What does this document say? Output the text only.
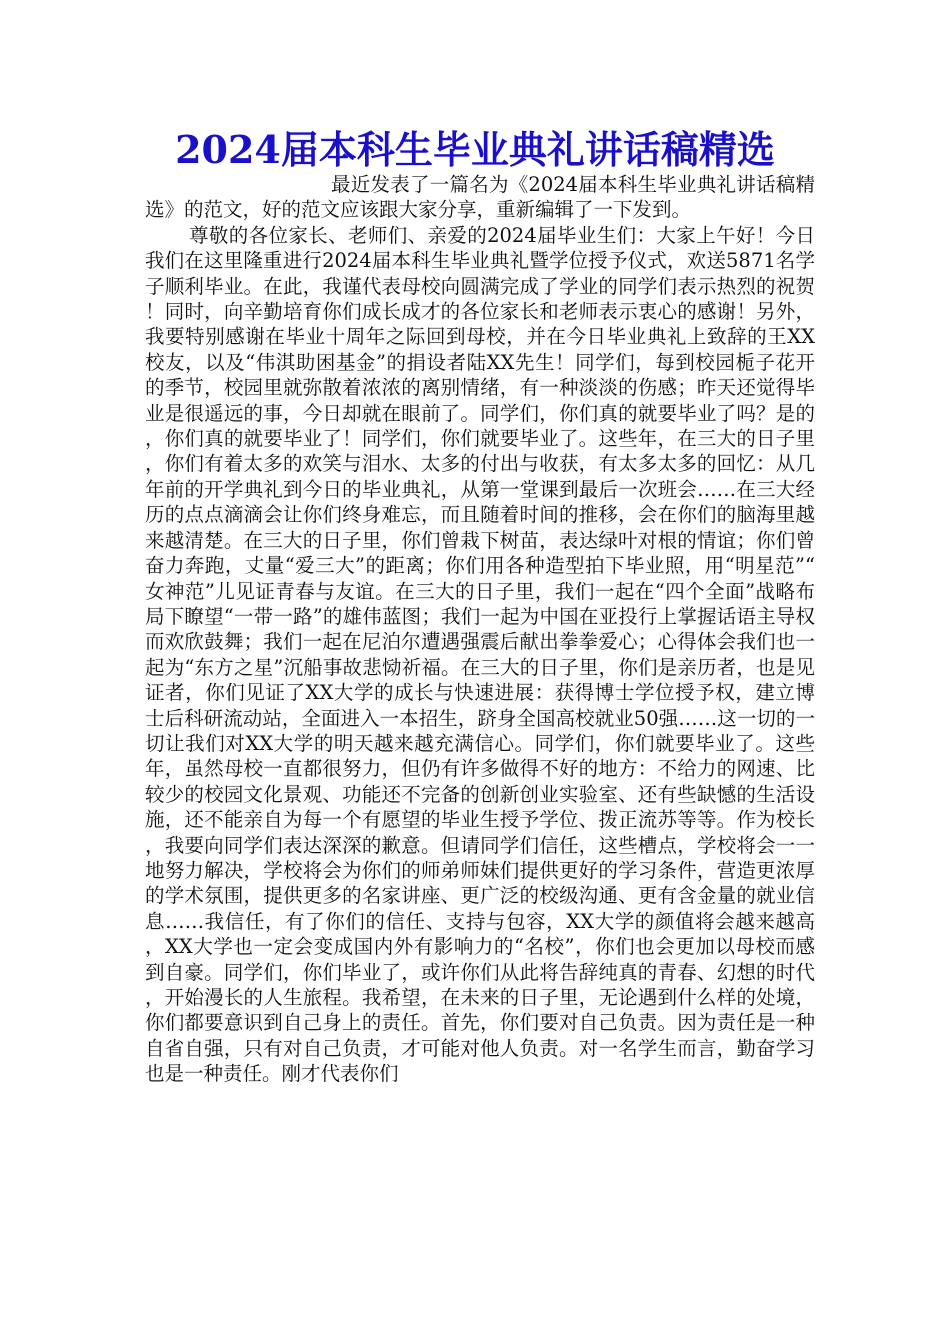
2024届本科生毕业典礼讲话稿精选

最近发表了一篇名为《2024届本科生毕业典礼讲话稿精选》的范文，好的范文应该跟大家分享，重新编辑了一下发到。

尊敬的各位家长、老师们、亲爱的2024届毕业生们：大家上午好！今日我们在这里隆重进行2024届本科生毕业典礼暨学位授予仪式，欢送5871名学子顺利毕业。在此，我谨代表母校向圆满完成了学业的同学们表示热烈的祝贺！同时，向辛勤培育你们成长成才的各位家长和老师表示衷心的感谢！另外，我要特别感谢在毕业十周年之际回到母校，并在今日毕业典礼上致辞的王XX校友，以及“伟淇助困基金”的捐设者陆XX先生！同学们，每到校园栀子花开的季节，校园里就弥散着浓浓的离别情绪，有一种淡淡的伤感；昨天还觉得毕业是很遥远的事，今日却就在眼前了。同学们，你们真的就要毕业了吗？是的，你们真的就要毕业了！同学们，你们就要毕业了。这些年，在三大的日子里，你们有着太多的欢笑与泪水、太多的付出与收获，有太多太多的回忆：从几年前的开学典礼到今日的毕业典礼，从第一堂课到最后一次班会……在三大经历的点点滴滴会让你们终身难忘，而且随着时间的推移，会在你们的脑海里越来越清楚。在三大的日子里，你们曾栽下树苗，表达绿叶对根的情谊；你们曾奋力奔跑，丈量“爱三大”的距离；你们用各种造型拍下毕业照，用“明星范”“女神范”儿见证青春与友谊。在三大的日子里，我们一起在“四个全面”战略布局下瞭望“一带一路”的雄伟蓝图；我们一起为中国在亚投行上掌握话语主导权而欢欣鼓舞；我们一起在尼泊尔遭遇强震后献出拳拳爱心；心得体会我们也一起为“东方之星”沉船事故悲恸祈福。在三大的日子里，你们是亲历者，也是见证者，你们见证了XX大学的成长与快速进展：获得博士学位授予权，建立博士后科研流动站，全面进入一本招生，跻身全国高校就业50强……这一切的一切让我们对XX大学的明天越来越充满信心。同学们，你们就要毕业了。这些年，虽然母校一直都很努力，但仍有许多做得不好的地方：不给力的网速、比较少的校园文化景观、功能还不完备的创新创业实验室、还有些缺憾的生活设施，还不能亲自为每一个有愿望的毕业生授予学位、拨正流苏等等。作为校长，我要向同学们表达深深的歉意。但请同学们信任，这些槽点，学校将会一一地努力解决，学校将会为你们的师弟师妹们提供更好的学习条件，营造更浓厚的学术氛围，提供更多的名家讲座、更广泛的校级沟通、更有含金量的就业信息……我信任，有了你们的信任、支持与包容，XX大学的颜值将会越来越高，XX大学也一定会变成国内外有影响力的“名校”，你们也会更加以母校而感到自豪。同学们，你们毕业了，或许你们从此将告辞纯真的青春、幻想的时代，开始漫长的人生旅程。我希望，在未来的日子里，无论遇到什么样的处境，你们都要意识到自己身上的责任。首先，你们要对自己负责。因为责任是一种自省自强，只有对自己负责，才可能对他人负责。对一名学生而言，勤奋学习也是一种责任。刚才代表你们
